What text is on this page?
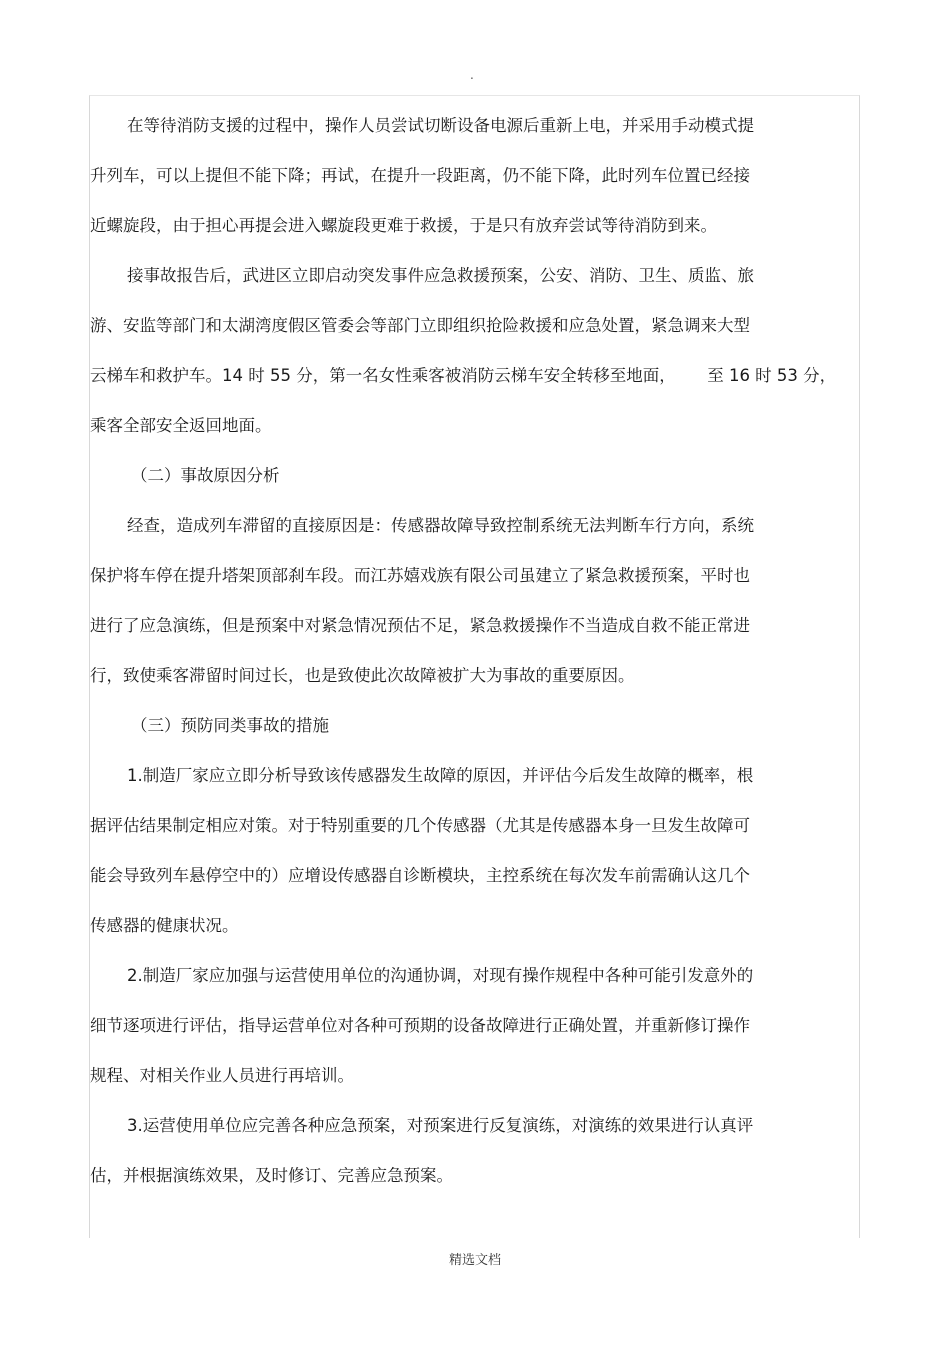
.

在等待消防支援的过程中，操作人员尝试切断设备电源后重新上电，并采用手动模式提
升列车，可以上提但不能下降；再试，在提升一段距离，仍不能下降，此时列车位置已经接
近螺旋段，由于担心再提会进入螺旋段更难于救援，于是只有放弃尝试等待消防到来。

接事故报告后，武进区立即启动突发事件应急救援预案，公安、消防、卫生、质监、旅
游、安监等部门和太湖湾度假区管委会等部门立即组织抢险救援和应急处置，紧急调来大型
云梯车和救护车。14 时 55 分，第一名女性乘客被消防云梯车安全转移至地面，      至 16 时 53 分，
乘客全部安全返回地面。

（二）事故原因分析

经查，造成列车滞留的直接原因是：传感器故障导致控制系统无法判断车行方向，系统
保护将车停在提升塔架顶部刹车段。而江苏嬉戏族有限公司虽建立了紧急救援预案，平时也
进行了应急演练，但是预案中对紧急情况预估不足，紧急救援操作不当造成自救不能正常进
行，致使乘客滞留时间过长，也是致使此次故障被扩大为事故的重要原因。

（三）预防同类事故的措施

1.制造厂家应立即分析导致该传感器发生故障的原因，并评估今后发生故障的概率，根
据评估结果制定相应对策。对于特别重要的几个传感器（尤其是传感器本身一旦发生故障可
能会导致列车悬停空中的）应增设传感器自诊断模块，主控系统在每次发车前需确认这几个
传感器的健康状况。

2.制造厂家应加强与运营使用单位的沟通协调，对现有操作规程中各种可能引发意外的
细节逐项进行评估，指导运营单位对各种可预期的设备故障进行正确处置，并重新修订操作
规程、对相关作业人员进行再培训。

3.运营使用单位应完善各种应急预案，对预案进行反复演练，对演练的效果进行认真评
估，并根据演练效果，及时修订、完善应急预案。

精选文档
